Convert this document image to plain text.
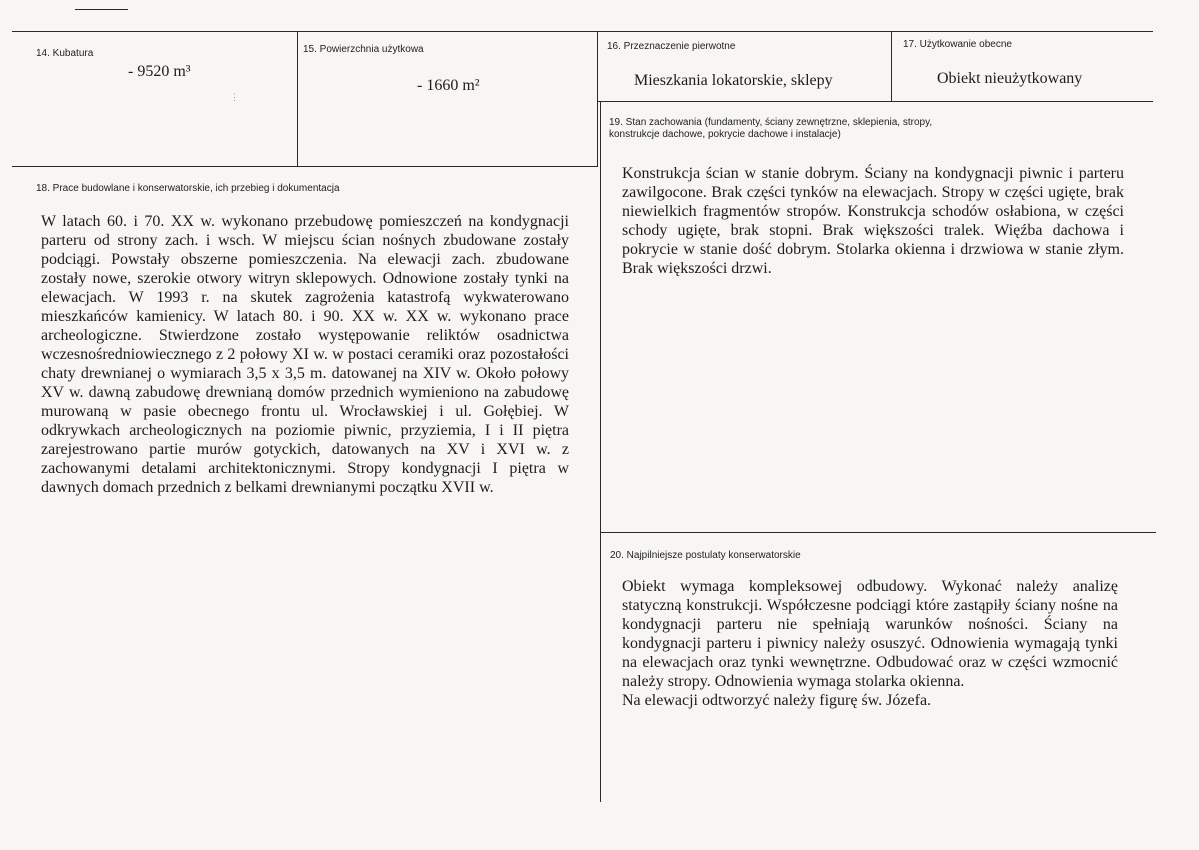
14. Kubatura
- 9520 m³
⋮
15. Powierzchnia użytkowa
- 1660 m²
16. Przeznaczenie pierwotne
Mieszkania lokatorskie, sklepy
17. Użytkowanie obecne
Obiekt nieużytkowany
18. Prace budowlane i konserwatorskie, ich przebieg i dokumentacja

W latach 60. i 70. XX w. wykonano przebudowę pomieszczeń na kondygnacji parteru od strony zach. i wsch. W miejscu ścian nośnych zbudowane zostały podciągi. Powstały obszerne pomieszczenia. Na elewacji zach. zbudowane zostały nowe, szerokie otwory witryn sklepowych. Odnowione zostały tynki na elewacjach. W 1993 r. na skutek zagrożenia katastrofą wykwaterowano mieszkańców kamienicy. W latach 80. i 90. XX w. XX w. wykonano prace archeologiczne. Stwierdzone zostało występowanie reliktów osadnictwa wczesnośredniowiecznego z 2 połowy XI w. w postaci ceramiki oraz pozostałości chaty drewnianej o wymiarach 3,5 x 3,5 m. datowanej na XIV w. Około połowy XV w. dawną zabudowę drewnianą domów przednich wymieniono na zabudowę murowaną w pasie obecnego frontu ul. Wrocławskiej i ul. Gołębiej. W odkrywkach archeologicznych na poziomie piwnic, przyziemia, I i II piętra zarejestrowano partie murów gotyckich, datowanych na XV i XVI w. z zachowanymi detalami architektonicznymi. Stropy kondygnacji I piętra w dawnych domach przednich z belkami drewnianymi początku XVII w.

19. Stan zachowania (fundamenty, ściany zewnętrzne, sklepienia, stropy, konstrukcje dachowe, pokrycie dachowe i instalacje)

Konstrukcja ścian w stanie dobrym. Ściany na kondygnacji piwnic i parteru zawilgocone. Brak części tynków na elewacjach. Stropy w części ugięte, brak niewielkich fragmentów stropów. Konstrukcja schodów osłabiona, w części schody ugięte, brak stopni. Brak większości tralek. Więźba dachowa i pokrycie w stanie dość dobrym. Stolarka okienna i drzwiowa w stanie złym. Brak większości drzwi.

20. Najpilniejsze postulaty konserwatorskie

Obiekt wymaga kompleksowej odbudowy. Wykonać należy analizę statyczną konstrukcji. Współczesne podciągi które zastąpiły ściany nośne na kondygnacji parteru nie spełniają warunków nośności. Ściany na kondygnacji parteru i piwnicy należy osuszyć. Odnowienia wymagają tynki na elewacjach oraz tynki wewnętrzne. Odbudować oraz w części wzmocnić należy stropy. Odnowienia wymaga stolarka okienna.

Na elewacji odtworzyć należy figurę św. Józefa.
